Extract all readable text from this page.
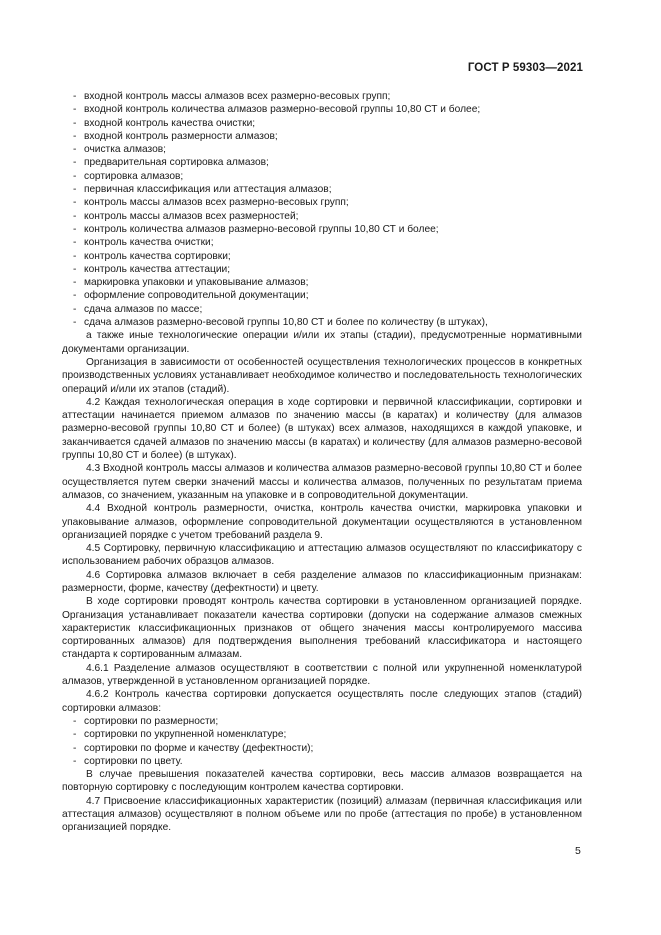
ГОСТ Р 59303—2021
- входной контроль массы алмазов всех размерно-весовых групп;
- входной контроль количества алмазов размерно-весовой группы 10,80 СТ и более;
- входной контроль качества очистки;
- входной контроль размерности алмазов;
- очистка алмазов;
- предварительная сортировка алмазов;
- сортировка алмазов;
- первичная классификация или аттестация алмазов;
- контроль массы алмазов всех размерно-весовых групп;
- контроль массы алмазов всех размерностей;
- контроль количества алмазов размерно-весовой группы 10,80 СТ и более;
- контроль качества очистки;
- контроль качества сортировки;
- контроль качества аттестации;
- маркировка упаковки и упаковывание алмазов;
- оформление сопроводительной документации;
- сдача алмазов по массе;
- сдача алмазов размерно-весовой группы 10,80 СТ и более по количеству (в штуках),
а также иные технологические операции и/или их этапы (стадии), предусмотренные нормативными документами организации.
Организация в зависимости от особенностей осуществления технологических процессов в конкретных производственных условиях устанавливает необходимое количество и последовательность технологических операций и/или их этапов (стадий).
4.2 Каждая технологическая операция в ходе сортировки и первичной классификации, сортировки и аттестации начинается приемом алмазов по значению массы (в каратах) и количеству (для алмазов размерно-весовой группы 10,80 СТ и более) (в штуках) всех алмазов, находящихся в каждой упаковке, и заканчивается сдачей алмазов по значению массы (в каратах) и количеству (для алмазов размерно-весовой группы 10,80 СТ и более) (в штуках).
4.3 Входной контроль массы алмазов и количества алмазов размерно-весовой группы 10,80 СТ и более осуществляется путем сверки значений массы и количества алмазов, полученных по результатам приема алмазов, со значением, указанным на упаковке и в сопроводительной документации.
4.4 Входной контроль размерности, очистка, контроль качества очистки, маркировка упаковки и упаковывание алмазов, оформление сопроводительной документации осуществляются в установленном организацией порядке с учетом требований раздела 9.
4.5 Сортировку, первичную классификацию и аттестацию алмазов осуществляют по классификатору с использованием рабочих образцов алмазов.
4.6 Сортировка алмазов включает в себя разделение алмазов по классификационным признакам: размерности, форме, качеству (дефектности) и цвету.
В ходе сортировки проводят контроль качества сортировки в установленном организацией порядке. Организация устанавливает показатели качества сортировки (допуски на содержание алмазов смежных характеристик классификационных признаков от общего значения массы контролируемого массива сортированных алмазов) для подтверждения выполнения требований классификатора и настоящего стандарта к сортированным алмазам.
4.6.1 Разделение алмазов осуществляют в соответствии с полной или укрупненной номенклатурой алмазов, утвержденной в установленном организацией порядке.
4.6.2 Контроль качества сортировки допускается осуществлять после следующих этапов (стадий) сортировки алмазов:
- сортировки по размерности;
- сортировки по укрупненной номенклатуре;
- сортировки по форме и качеству (дефектности);
- сортировки по цвету.
В случае превышения показателей качества сортировки, весь массив алмазов возвращается на повторную сортировку с последующим контролем качества сортировки.
4.7 Присвоение классификационных характеристик (позиций) алмазам (первичная классификация или аттестация алмазов) осуществляют в полном объеме или по пробе (аттестация по пробе) в установленном организацией порядке.
5
